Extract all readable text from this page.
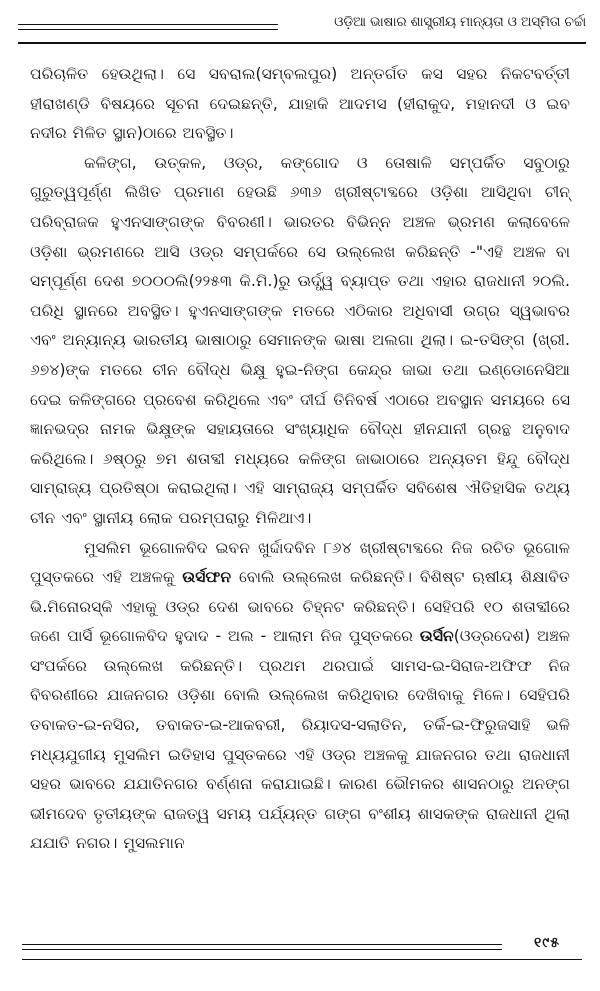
ଓଡ଼ିଆ ଭାଷାର ଶାସ୍ତ୍ରୀୟ ମାନ୍ୟତା ଓ ଅସ୍ମିତା ଚର୍ଚ୍ଚା

ପରିଚାଳିତ ହେଉଥିଲା। ସେ ସବରାଲ(ସମ୍ବଲପୁର) ଅନ୍ତର୍ଗତ କସ ସହର ନିକଟବର୍ତ୍ତୀ ହୀରାଖଣ୍ଡି ବିଷୟରେ ସୂଚନା ଦେଇଛନ୍ତି, ଯାହାକି ଆଦମସ (ହୀରାକୁଦ, ମହାନଦୀ ଓ ଇବ ନଦୀର ମିଳିତ ସ୍ଥାନ)ଠାରେ ଅବସ୍ଥିତ।

କଳିଙ୍ଗ, ଉତ୍କଳ, ଓଡ୍ର, କଙ୍ଗୋଦ ଓ ତୋଷାଳି ସମ୍ପର୍କିତ ସବୁଠାରୁ ଗୁରୁତ୍ୱପୂର୍ଣ୍ଣ ଲିଖିତ ପ୍ରମାଣ ହେଉଛି ୬୩୬ ଖ୍ରୀଷ୍ଟାବ୍ଦରେ ଓଡ଼ିଶା ଆସିଥିବା ଚୀନ୍ ପରିବ୍ରାଜକ ହୁଏନସାଙ୍ଗଙ୍କ ବିବରଣୀ। ଭାରତର ବିଭିନ୍ନ ଅଞ୍ଚଳ ଭ୍ରମଣ କଲାବେଳେ ଓଡ଼ିଶା ଭ୍ରମଣରେ ଆସି ଓଡ୍ର ସମ୍ପର୍କରେ ସେ ଉଲ୍ଲେଖ କରିଛନ୍ତି -"ଏହି ଅଞ୍ଚଳ ବା ସମ୍ପୂର୍ଣ୍ଣ ଦେଶ ୭୦୦୦ଲି(୨୨୫୩ କି.ମି.)ରୁ ଊର୍ଦ୍ଧ୍ୱ ବ୍ୟାପ୍ତ ତଥା ଏହାର ରାଜଧାନୀ ୨୦ଲି. ପରିଧି ସ୍ଥାନରେ ଅବସ୍ଥିତ। ହୁଏନସାଙ୍ଗଙ୍କ ମତରେ ଏଠିକାର ଅଧିବାସୀ ଉଗ୍ର ସ୍ୱଭାବର ଏବଂ ଅନ୍ୟାନ୍ୟ ଭାରତୀୟ ଭାଷାଠାରୁ ସେମାନଙ୍କ ଭାଷା ଅଲଗା ଥିଲା। ଇ-ତସିଙ୍ଗ (ଖ୍ରୀ. ୬୭୪)ଙ୍କ ମତରେ ଚୀନ ବୌଦ୍ଧ ଭିକ୍ଷୁ ହୁଇ-ନିଙ୍ଗ କେନ୍ଦ୍ର ଜାଭା ତଥା ଇଣ୍ଡୋନେସିଆ ଦେଇ କଳିଙ୍ଗରେ ପ୍ରବେଶ କରିଥିଲେ ଏବଂ ଦୀର୍ଘ ତିନିବର୍ଷ ଏଠାରେ ଅବସ୍ଥାନ ସମୟରେ ସେ ଜ୍ଞାନଭଦ୍ର ନାମକ ଭିକ୍ଷୁଙ୍କ ସହାୟତାରେ ସଂଖ୍ୟାଧିକ ବୌଦ୍ଧ ହୀନଯାନୀ ଗ୍ରନ୍ଥ ଅନୁବାଦ କରିଥିଲେ। ୬ଷ୍ଠରୁ ୭ମ ଶତାବ୍ଦୀ ମଧ୍ୟରେ କଳିଙ୍ଗ ଜାଭାଠାରେ ଅନ୍ୟତମ ହିନ୍ଦୁ ବୌଦ୍ଧ ସାମ୍ରାଜ୍ୟ ପ୍ରତିଷ୍ଠା କରାଇଥିଲା। ଏହି ସାମ୍ରାଜ୍ୟ ସମ୍ପର୍କିତ ସବିଶେଷ ଐତିହାସିକ ତଥ୍ୟ ଚୀନ ଏବଂ ସ୍ଥାନୀୟ ଲୋକ ପରମ୍ପରାରୁ ମିଳିଥାଏ।

ମୁସଲିମ ଭୂଗୋଳବିଦ ଇବନ ଖୁର୍ଦ୍ଦାଦବିନ ୮୬୪ ଖ୍ରୀଷ୍ଟାବ୍ଦରେ ନିଜ ରଚିତ ଭୂଗୋଳ ପୁସ୍ତକରେ ଏହି ଅଞ୍ଚଳକୁ ଉର୍ସଫନ ବୋଲି ଉଲ୍ଲେଖ କରିଛନ୍ତି। ବିଶିଷ୍ଟ ଋଷୀୟ ଶିକ୍ଷାବିତ ଭି.ମିନୋରସ୍କି ଏହାକୁ ଓଡ୍ର ଦେଶ ଭାବରେ ଚିହ୍ନଟ କରିଛନ୍ତି। ସେହିପରି ୧୦ ଶତାବ୍ଦୀରେ ଜଣେ ପାର୍ସି ଭୂଗୋଳବିଦ ହୁଦାଦ - ଅଲ - ଆଲାମ ନିଜ ପୁସ୍ତକରେ ଉର୍ସିନ(ଓଡ୍ରଦେଶ) ଅଞ୍ଚଳ ସଂପର୍କରେ ଉଲ୍ଲେଖ କରିଛନ୍ତି। ପ୍ରଥମ ଥରପାଇଁ ସାମସ-ଇ-ସିରାଜ-ଅଫିଫ ନିଜ ବିବରଣୀରେ ଯାଜନଗର ଓଡ଼ିଶା ବୋଲି ଉଲ୍ଲେଖ କରିଥିବାର ଦେଖିବାକୁ ମିଳେ। ସେହିପରି ତବାକତ-ଇ-ନସିର, ତବାକତ-ଇ-ଆକବରୀ, ରିୟାଦସ-ସଲାତିନ, ତର୍କି-ଇ-ଫିରୁଜସାହି ଭଳି ମଧ୍ୟଯୁଗୀୟ ମୁସଲିମ ଇତିହାସ ପୁସ୍ତକରେ ଏହି ଓଡ୍ର ଅଞ୍ଚଳକୁ ଯାଜନଗର ତଥା ରାଜଧାନୀ ସହର ଭାବରେ ଯଯାତିନଗର ବର୍ଣ୍ଣନା କରାଯାଇଛି। କାରଣ ଭୌମକର ଶାସନଠାରୁ ଅନଙ୍ଗ ଭୀମଦେବ ତୃତୀୟଙ୍କ ରାଜତ୍ୱ ସମୟ ପର୍ଯ୍ୟନ୍ତ ଗଙ୍ଗ ବଂଶୀୟ ଶାସକଙ୍କ ରାଜଧାନୀ ଥିଲା ଯଯାତି ନଗର। ମୁସଲମାନ

୧୯୫
